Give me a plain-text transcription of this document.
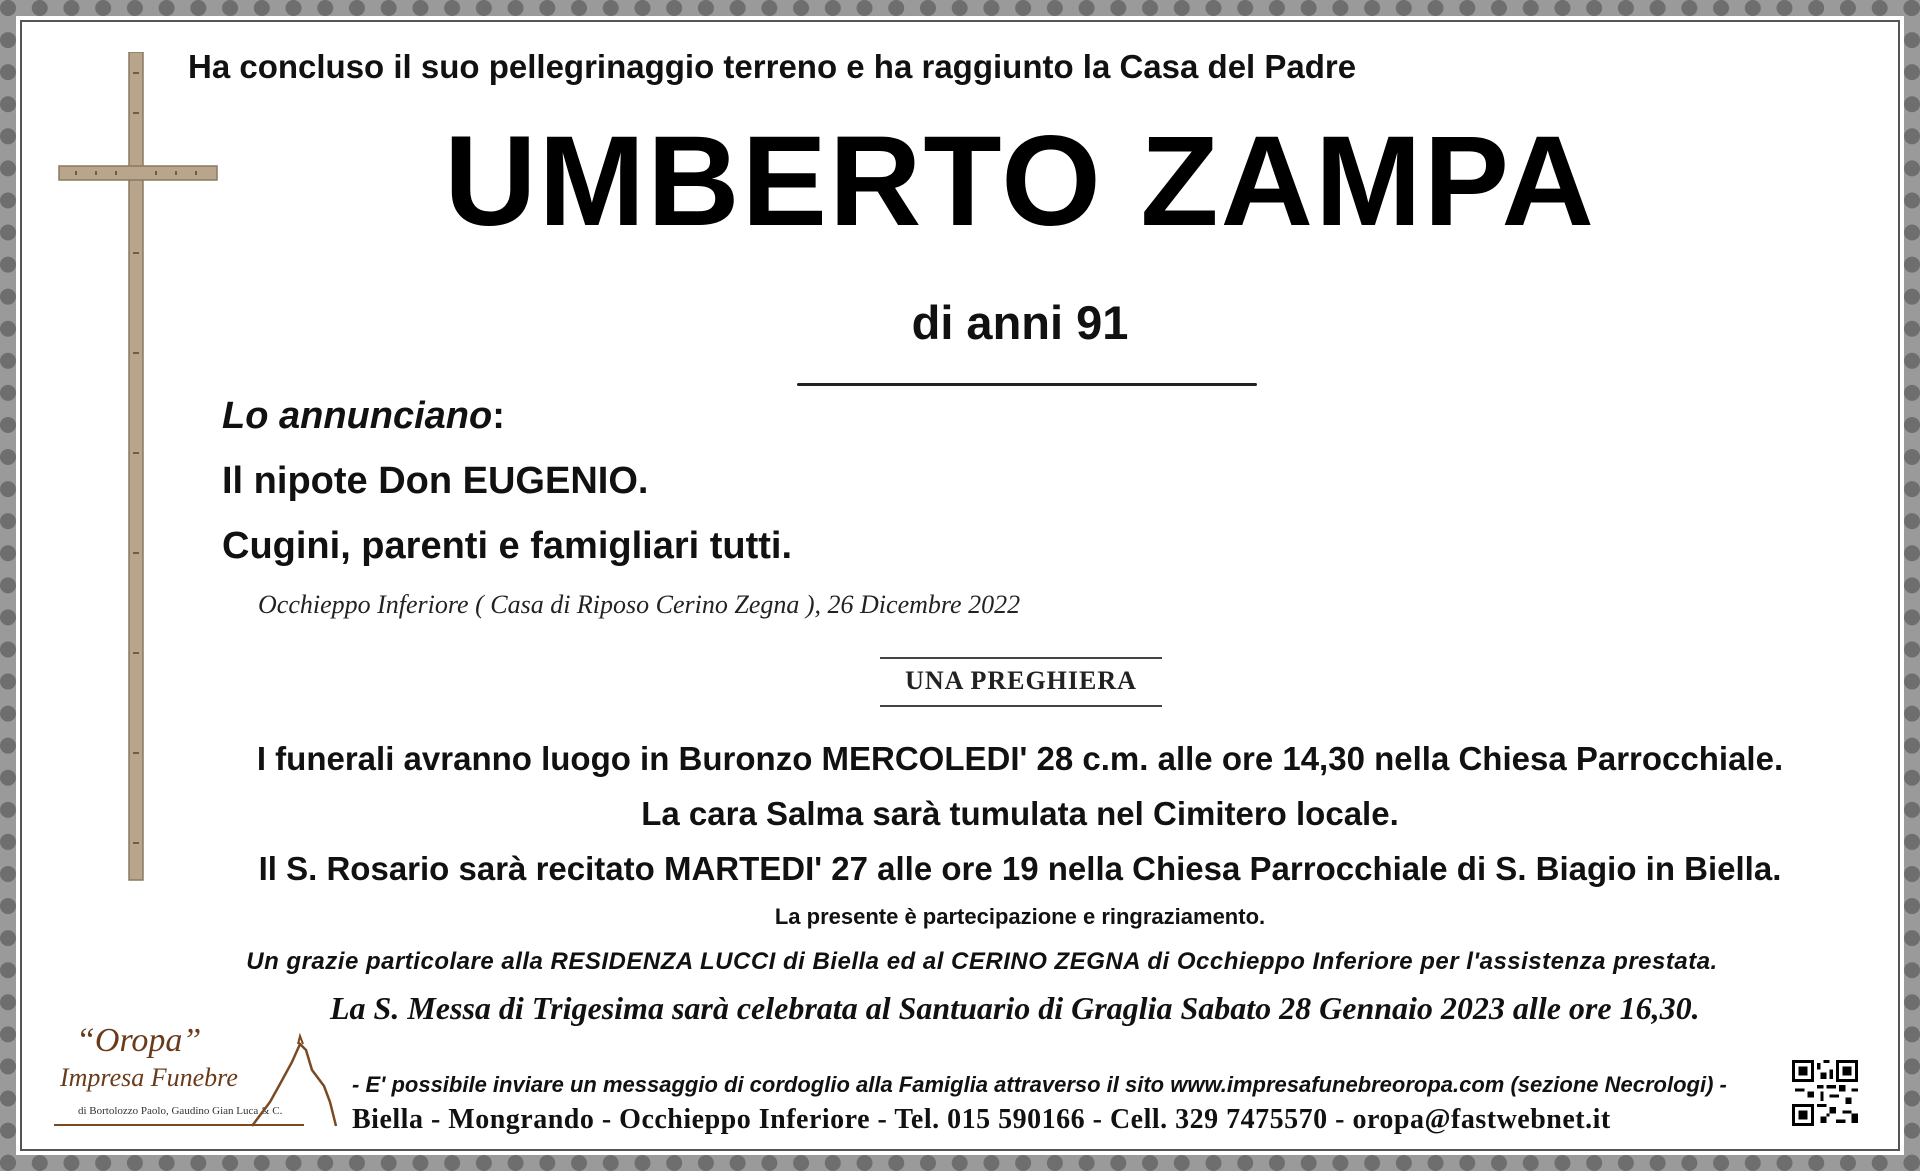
Ha concluso il suo pellegrinaggio terreno e ha raggiunto la Casa del Padre
UMBERTO ZAMPA
di anni 91
Lo annunciano:
Il nipote Don EUGENIO.
Cugini, parenti e famigliari tutti.
Occhieppo Inferiore ( Casa di Riposo Cerino Zegna ), 26 Dicembre 2022
UNA PREGHIERA
I funerali avranno luogo in Buronzo MERCOLEDI' 28 c.m. alle ore 14,30 nella Chiesa Parrocchiale.
La cara Salma sarà tumulata nel Cimitero locale.
Il S. Rosario sarà recitato MARTEDI' 27 alle ore 19 nella Chiesa Parrocchiale di S. Biagio in Biella.
La presente è partecipazione e ringraziamento.
Un grazie particolare alla RESIDENZA LUCCI di Biella ed al CERINO ZEGNA di Occhieppo Inferiore per l'assistenza prestata.
La S. Messa di Trigesima sarà celebrata al Santuario di Graglia Sabato 28 Gennaio 2023 alle ore 16,30.
“Oropa”
Impresa Funebre
di Bortolozzo Paolo, Gaudino Gian Luca & C.
- E' possibile inviare un messaggio di cordoglio alla Famiglia attraverso il sito www.impresafunebreoropa.com (sezione Necrologi) -
Biella - Mongrando - Occhieppo Inferiore - Tel. 015 590166 - Cell. 329 7475570 - oropa@fastwebnet.it
